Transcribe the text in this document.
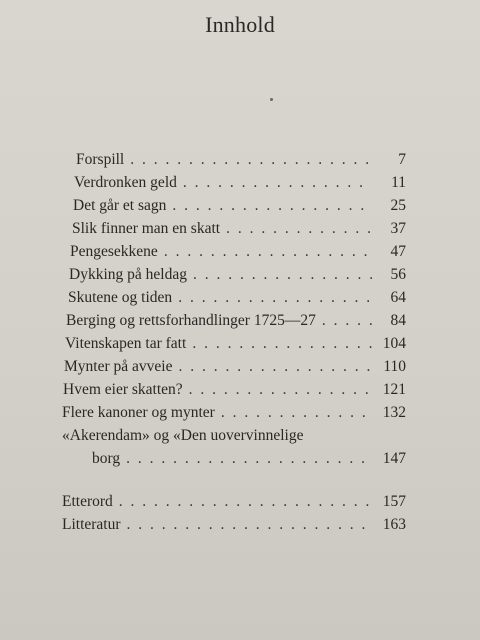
Innhold
Forspill . . .	7
Verdronken geld . . .	11
Det går et sagn . . .	25
Slik finner man en skatt . . .	37
Pengesekkene . . .	47
Dykking på heldag . . .	56
Skutene og tiden . . .	64
Berging og rettsforhandlinger 1725—27 . . .	84
Vitenskapen tar fatt . . .	104
Mynter på avveie . . .	110
Hvem eier skatten? . . .	121
Flere kanoner og mynter . . .	132
«Akerendam» og «Den uovervinnelige
borg . . .	147
Etterord . . .	157
Litteratur . . .	163
